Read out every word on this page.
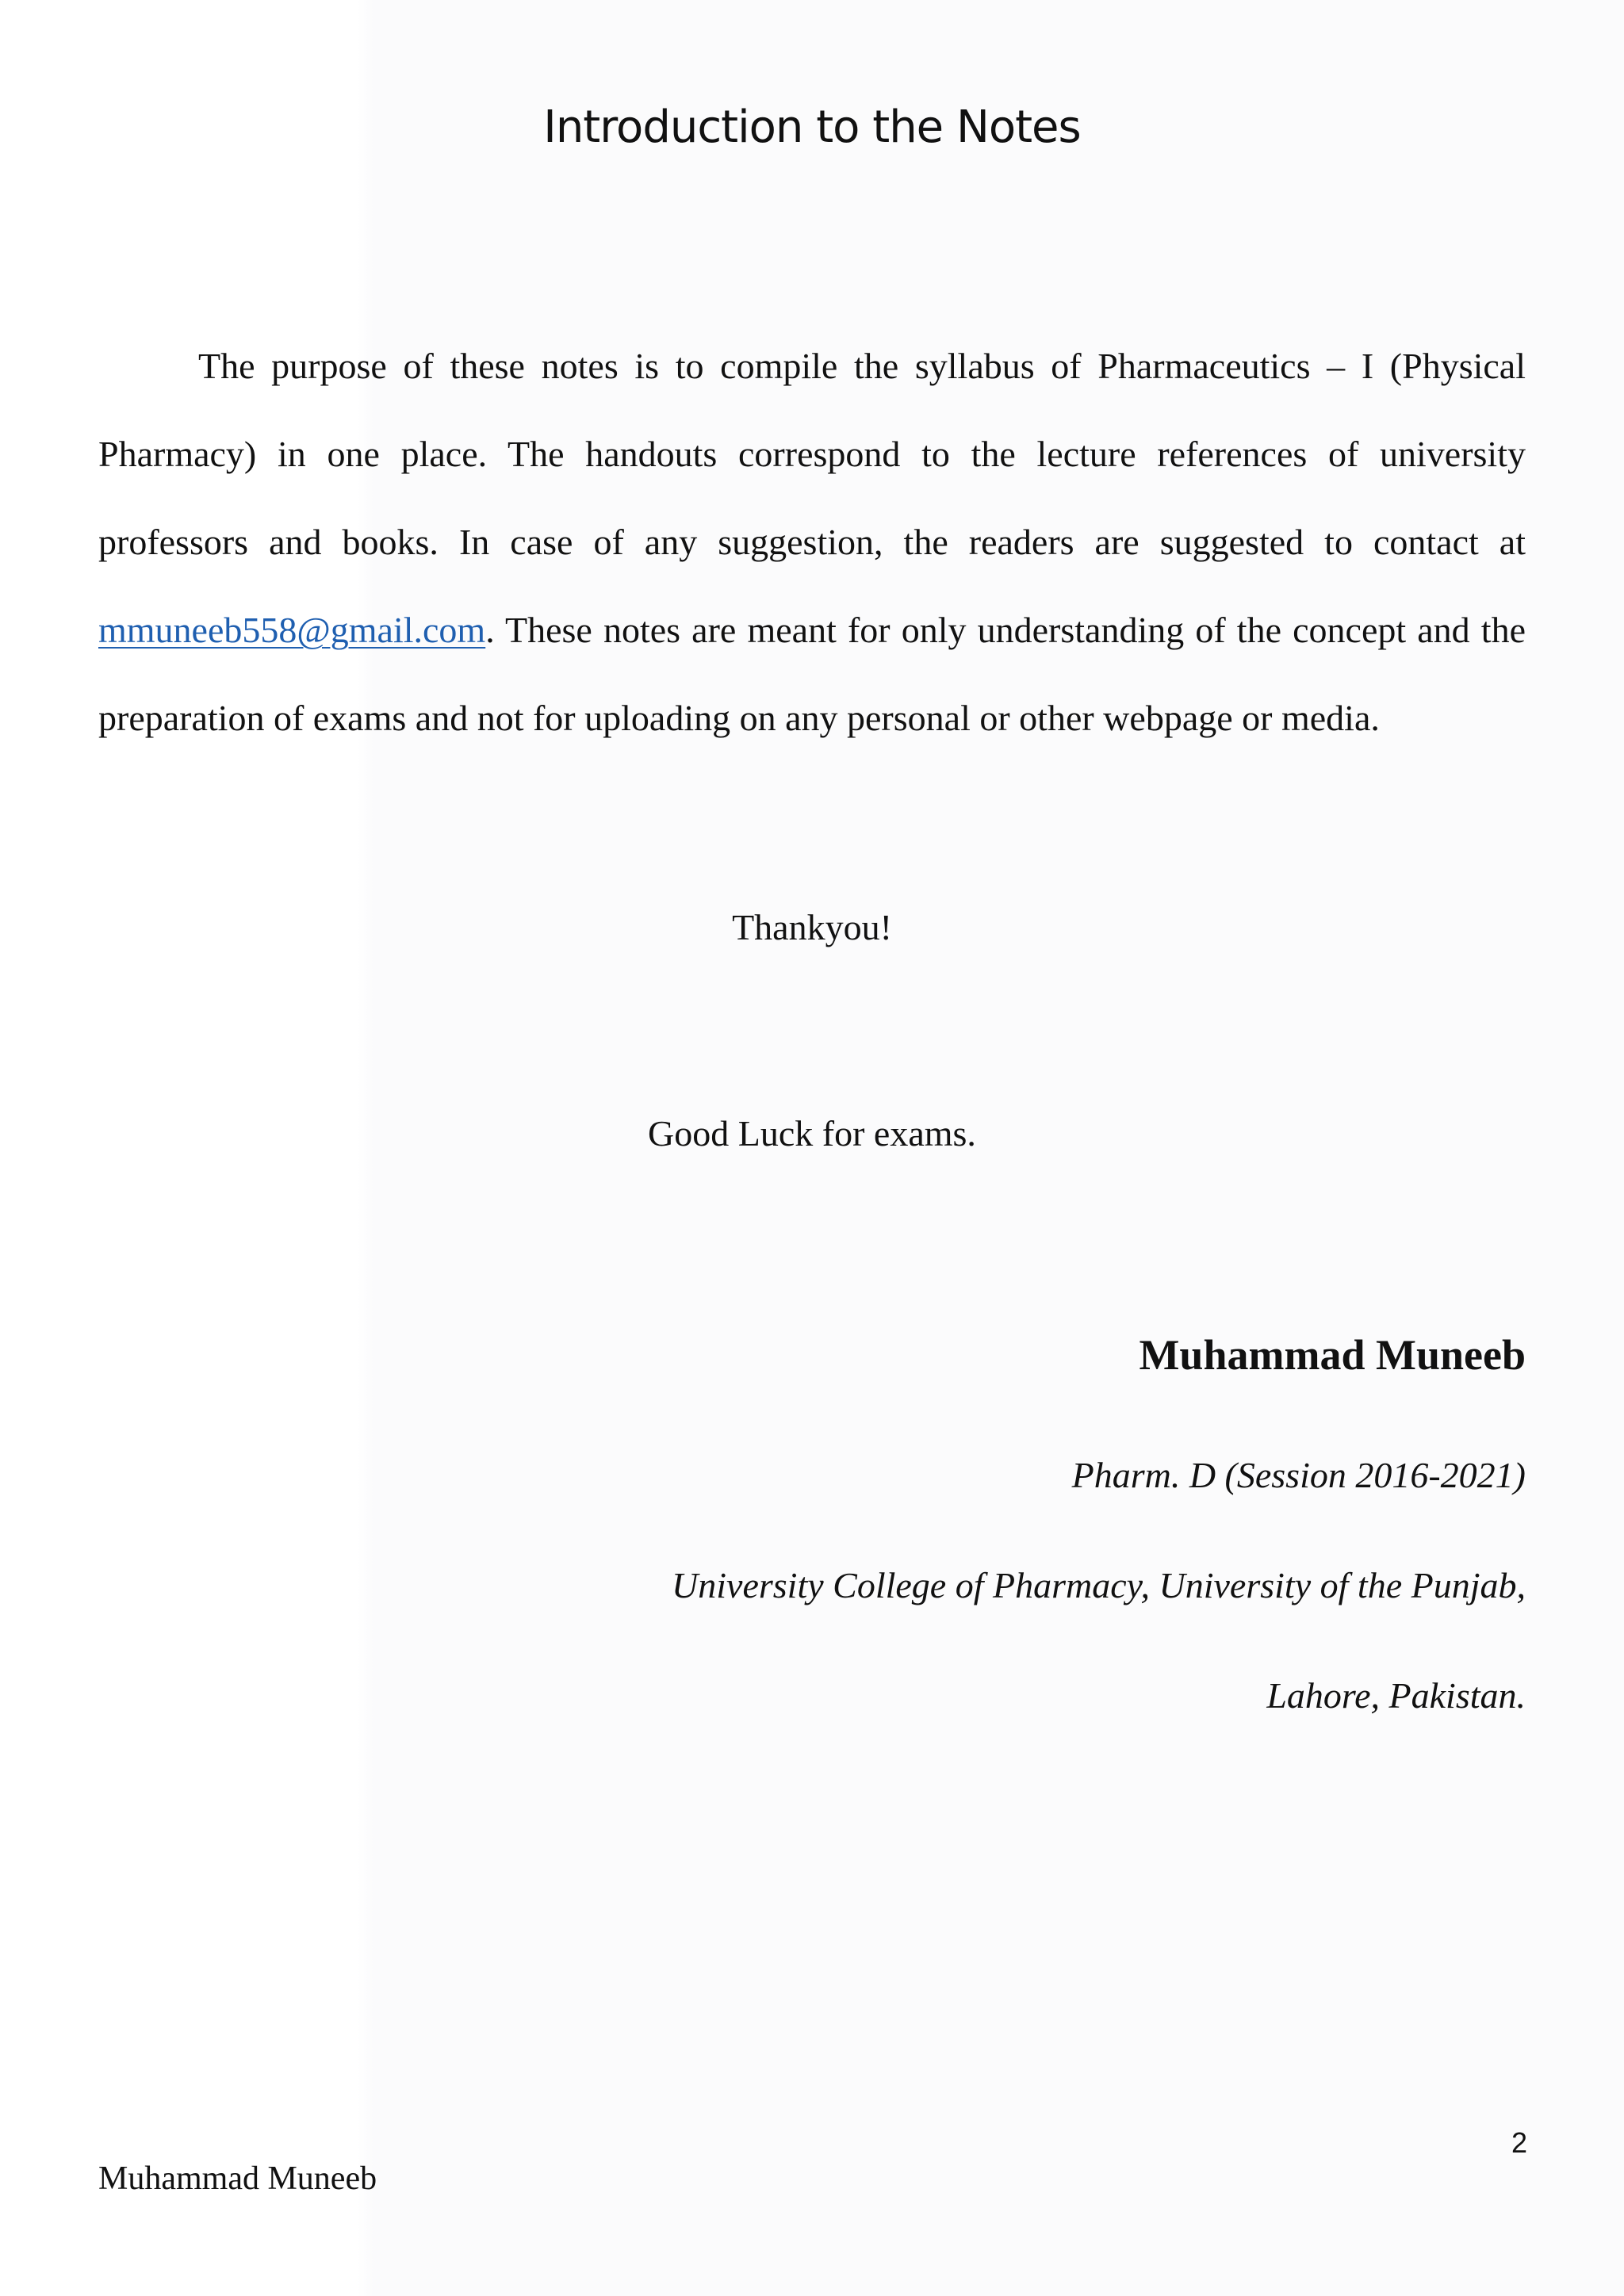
Introduction to the Notes

The purpose of these notes is to compile the syllabus of Pharmaceutics – I (Physical Pharmacy) in one place. The handouts correspond to the lecture references of university professors and books. In case of any suggestion, the readers are suggested to contact at mmuneeb558@gmail.com. These notes are meant for only understanding of the concept and the preparation of exams and not for uploading on any personal or other webpage or media.

Thankyou!
Good Luck for exams.
Muhammad Muneeb
Pharm. D (Session 2016-2021)
University College of Pharmacy, University of the Punjab,
Lahore, Pakistan.
2
Muhammad Muneeb
